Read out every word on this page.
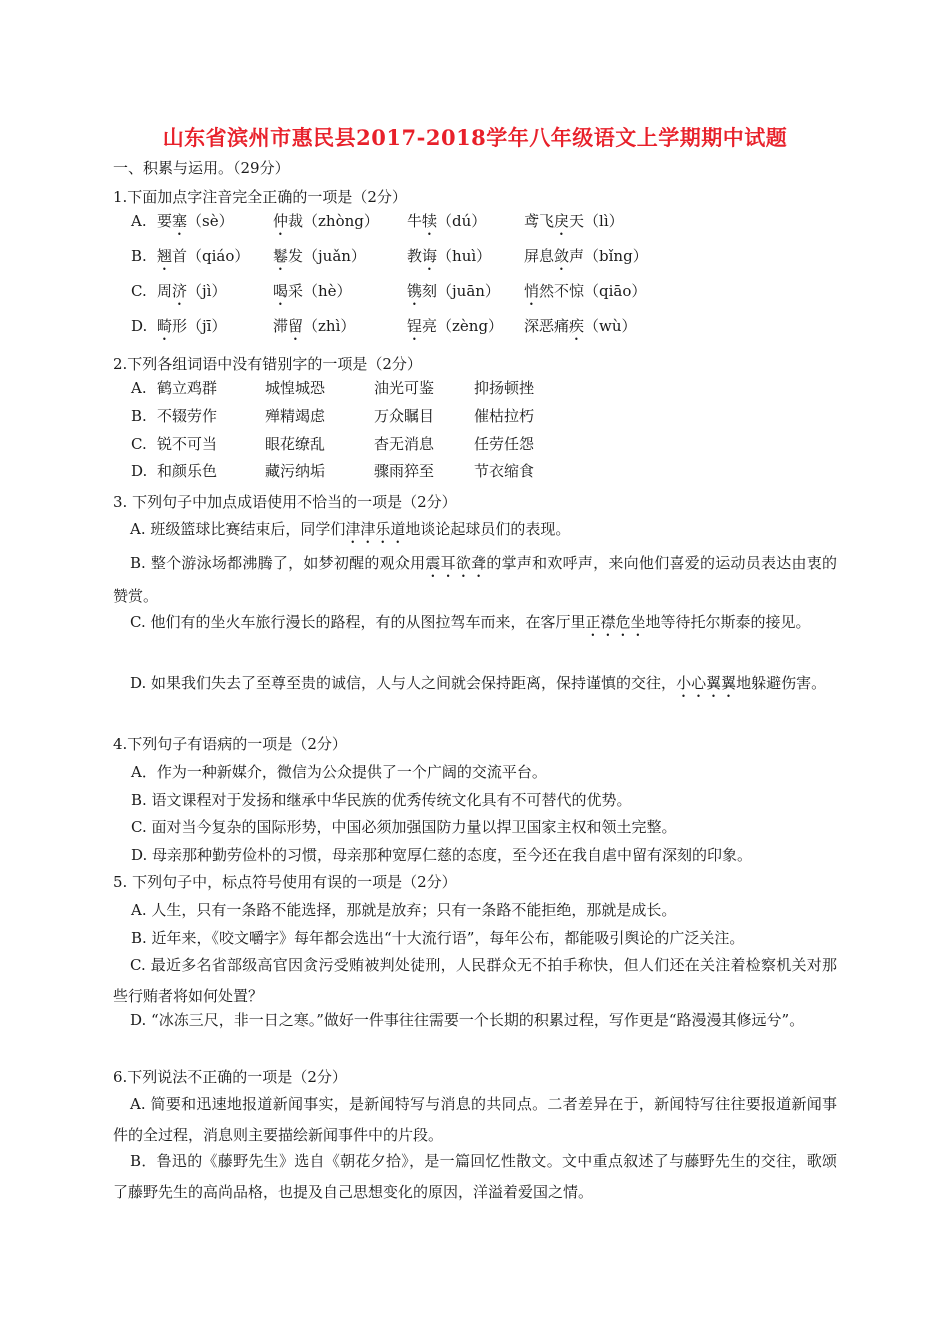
山东省滨州市惠民县2017-2018学年八年级语文上学期期中试题
一、积累与运用。（29分）
1.下面加点字注音完全正确的一项是（2分）
A. 要塞（sè）	仲裁（zhòng） 牛犊（dú）	鸢飞戾天（lì）
B. 翘首（qiáo） 鬈发（juǎn）	教诲（huì） 屏息敛声（bǐng）
C. 周济（jì）	喝采（hè）	镌刻（juān） 悄然不惊（qiāo）
D. 畸形（jī）	滞留（zhì）	锃亮（zèng） 深恶痛疾（wù）
2.下列各组词语中没有错别字的一项是（2分）
A. 鹤立鸡群	城惶城恐	油光可鉴	抑扬顿挫
B. 不辍劳作	殚精竭虑	万众瞩目	催枯拉朽
C. 锐不可当	眼花缭乱	杳无消息	任劳任怨
D. 和颜乐色	藏污纳垢	骤雨猝至	节衣缩食
3. 下列句子中加点成语使用不恰当的一项是（2分）
A. 班级篮球比赛结束后，同学们津津乐道地谈论起球员们的表现。
B. 整个游泳场都沸腾了，如梦初醒的观众用震耳欲聋的掌声和欢呼声，来向他们喜爱的运动员表达由衷的赞赏。
C. 他们有的坐火车旅行漫长的路程，有的从图拉驾车而来，在客厅里正襟危坐地等待托尔斯泰的接见。
D. 如果我们失去了至尊至贵的诚信，人与人之间就会保持距离，保持谨慎的交往，小心翼翼地躲避伤害。
4.下列句子有语病的一项是（2分）
A．作为一种新媒介，微信为公众提供了一个广阔的交流平台。
B. 语文课程对于发扬和继承中华民族的优秀传统文化具有不可替代的优势。
C. 面对当今复杂的国际形势，中国必须加强国防力量以捍卫国家主权和领土完整。
D. 母亲那种勤劳俭朴的习惯，母亲那种宽厚仁慈的态度，至今还在我自虐中留有深刻的印象。
5. 下列句子中，标点符号使用有误的一项是（2分）
A. 人生，只有一条路不能选择，那就是放弃；只有一条路不能拒绝，那就是成长。
B. 近年来，《咬文嚼字》每年都会选出“十大流行语”，每年公布，都能吸引舆论的广泛关注。
C. 最近多名省部级高官因贪污受贿被判处徒刑，人民群众无不拍手称快，但人们还在关注着检察机关对那些行贿者将如何处置？
D. “冰冻三尺，非一日之寒。”做好一件事往往需要一个长期的积累过程，写作更是“路漫漫其修远兮”。
6.下列说法不正确的一项是（2分）
A. 简要和迅速地报道新闻事实，是新闻特写与消息的共同点。二者差异在于，新闻特写往往要报道新闻事件的全过程，消息则主要描绘新闻事件中的片段。
B．鲁迅的《藤野先生》选自《朝花夕拾》，是一篇回忆性散文。文中重点叙述了与藤野先生的交往，歌颂了藤野先生的高尚品格，也提及自己思想变化的原因，洋溢着爱国之情。
